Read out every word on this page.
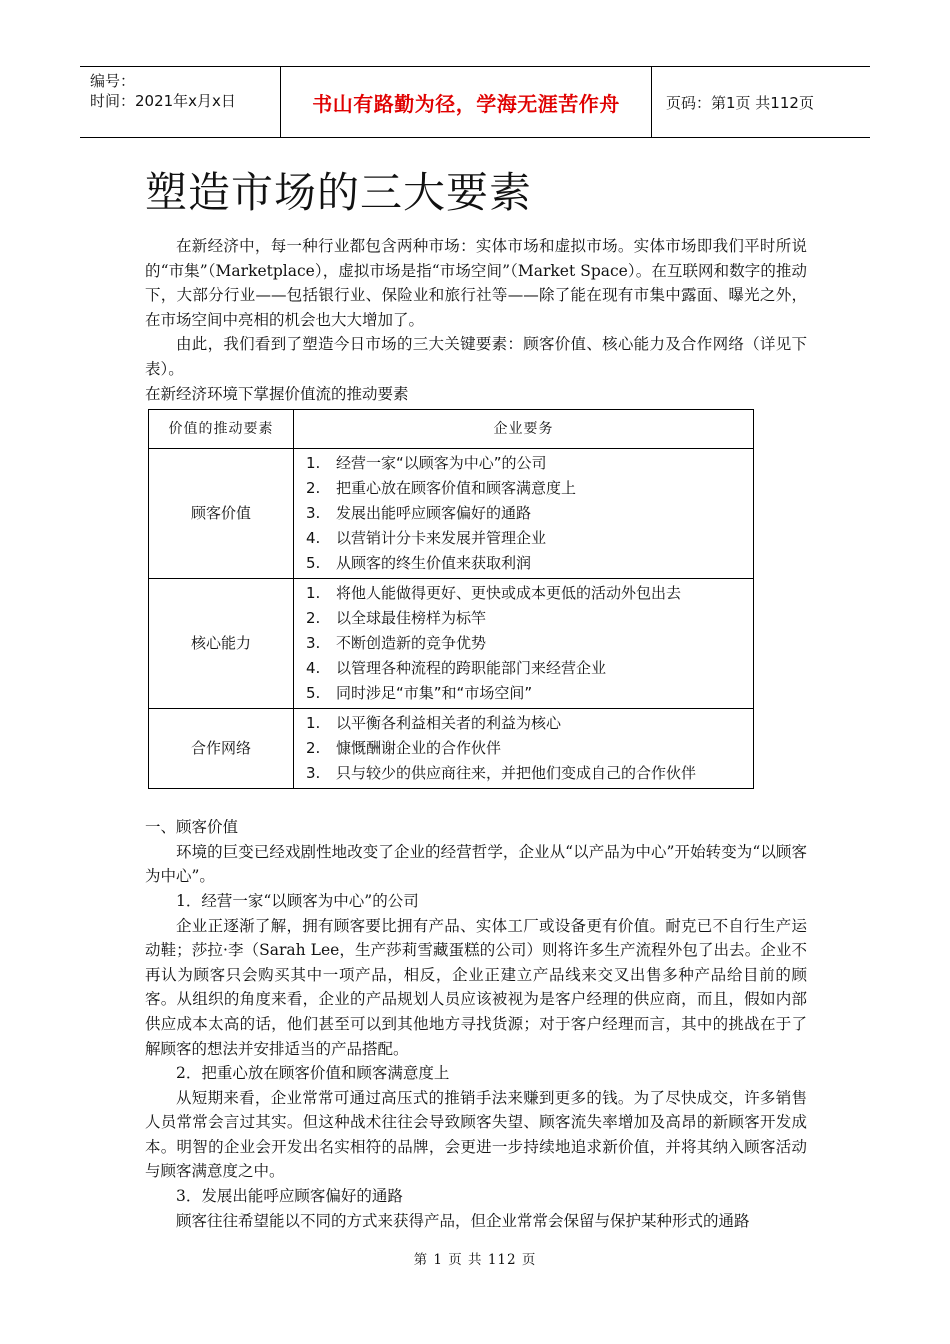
编号：
时间：2021年x月x日	书山有路勤为径，学海无涯苦作舟	页码：第1页 共112页
塑造市场的三大要素

在新经济中，每一种行业都包含两种市场：实体市场和虚拟市场。实体市场即我们平时所说的“市集”（Marketplace），虚拟市场是指“市场空间”（Market Space）。在互联网和数字的推动下，大部分行业——包括银行业、保险业和旅行社等——除了能在现有市集中露面、曝光之外，在市场空间中亮相的机会也大大增加了。

由此，我们看到了塑造今日市场的三大关键要素：顾客价值、核心能力及合作网络（详见下表）。

在新经济环境下掌握价值流的推动要素

价值的推动要素	企业要务
顾客价值	1. 经营一家“以顾客为中心”的公司
2. 把重心放在顾客价值和顾客满意度上
3. 发展出能呼应顾客偏好的通路
4. 以营销计分卡来发展并管理企业
5. 从顾客的终生价值来获取利润

核心能力	1. 将他人能做得更好、更快或成本更低的活动外包出去
2. 以全球最佳榜样为标竿
3. 不断创造新的竞争优势
4. 以管理各种流程的跨职能部门来经营企业
5. 同时涉足“市集”和“市场空间”

合作网络	1. 以平衡各利益相关者的利益为核心
2. 慷慨酬谢企业的合作伙伴
3. 只与较少的供应商往来，并把他们变成自己的合作伙伴

一、顾客价值

环境的巨变已经戏剧性地改变了企业的经营哲学，企业从“以产品为中心”开始转变为“以顾客为中心”。

1．经营一家“以顾客为中心”的公司

企业正逐渐了解，拥有顾客要比拥有产品、实体工厂或设备更有价值。耐克已不自行生产运动鞋；莎拉·李（Sarah Lee，生产莎莉雪藏蛋糕的公司）则将许多生产流程外包了出去。企业不再认为顾客只会购买其中一项产品，相反，企业正建立产品线来交叉出售多种产品给目前的顾客。从组织的角度来看，企业的产品规划人员应该被视为是客户经理的供应商，而且，假如内部供应成本太高的话，他们甚至可以到其他地方寻找货源；对于客户经理而言，其中的挑战在于了解顾客的想法并安排适当的产品搭配。

2．把重心放在顾客价值和顾客满意度上

从短期来看，企业常常可通过高压式的推销手法来赚到更多的钱。为了尽快成交，许多销售人员常常会言过其实。但这种战术往往会导致顾客失望、顾客流失率增加及高昂的新顾客开发成本。明智的企业会开发出名实相符的品牌，会更进一步持续地追求新价值，并将其纳入顾客活动与顾客满意度之中。

3．发展出能呼应顾客偏好的通路

顾客往往希望能以不同的方式来获得产品，但企业常常会保留与保护某种形式的通路

第 1 页 共 112 页
